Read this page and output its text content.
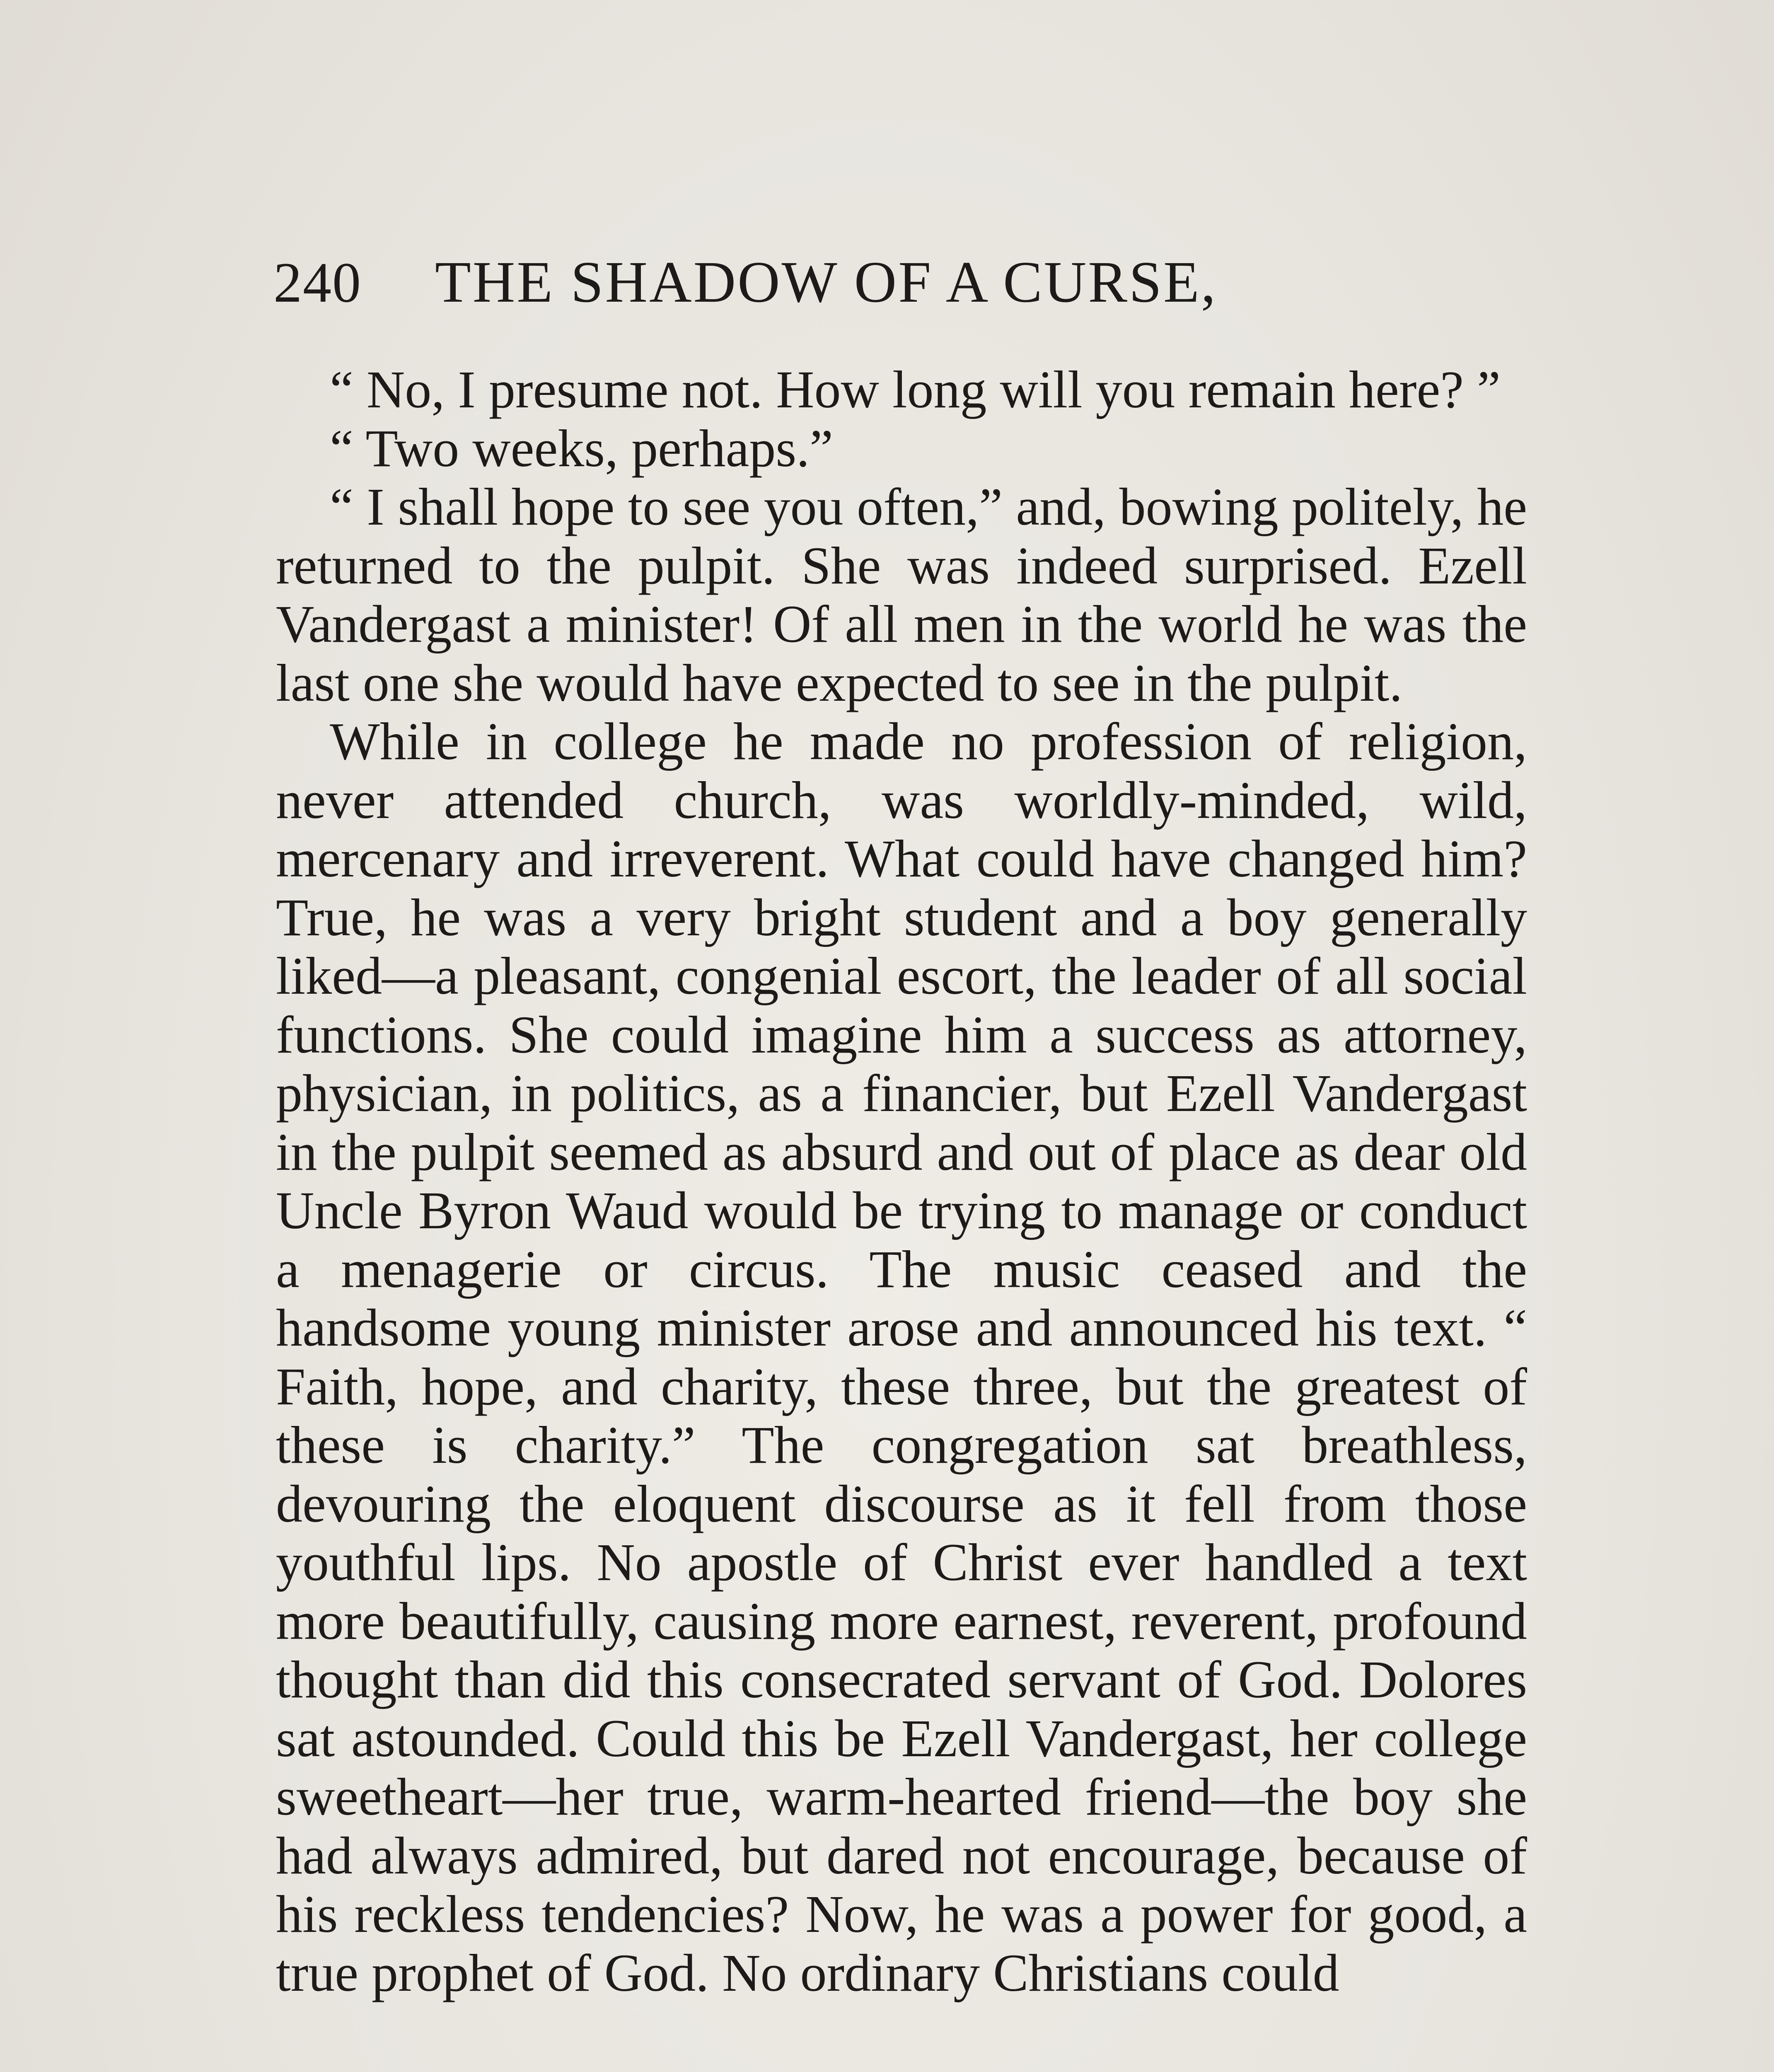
240 THE SHADOW OF A CURSE,

“ No, I presume not. How long will you remain here? ”

“ Two weeks, perhaps.”

“ I shall hope to see you often,” and, bowing politely, he returned to the pulpit. She was indeed surprised. Ezell Vandergast a minister! Of all men in the world he was the last one she would have expected to see in the pulpit.

While in college he made no profession of religion, never attended church, was worldly-minded, wild, mercenary and irreverent. What could have changed him? True, he was a very bright student and a boy generally liked—a pleasant, congenial escort, the leader of all social functions. She could imagine him a success as attorney, physician, in politics, as a financier, but Ezell Vandergast in the pulpit seemed as absurd and out of place as dear old Uncle Byron Waud would be trying to manage or conduct a menagerie or circus. The music ceased and the handsome young minister arose and announced his text. “ Faith, hope, and charity, these three, but the greatest of these is charity.” The congregation sat breathless, devouring the eloquent discourse as it fell from those youthful lips. No apostle of Christ ever handled a text more beautifully, causing more earnest, reverent, profound thought than did this consecrated servant of God. Dolores sat astounded. Could this be Ezell Vandergast, her college sweetheart—her true, warm-hearted friend—the boy she had always admired, but dared not encourage, because of his reckless tendencies? Now, he was a power for good, a true prophet of God. No ordinary Christians could
